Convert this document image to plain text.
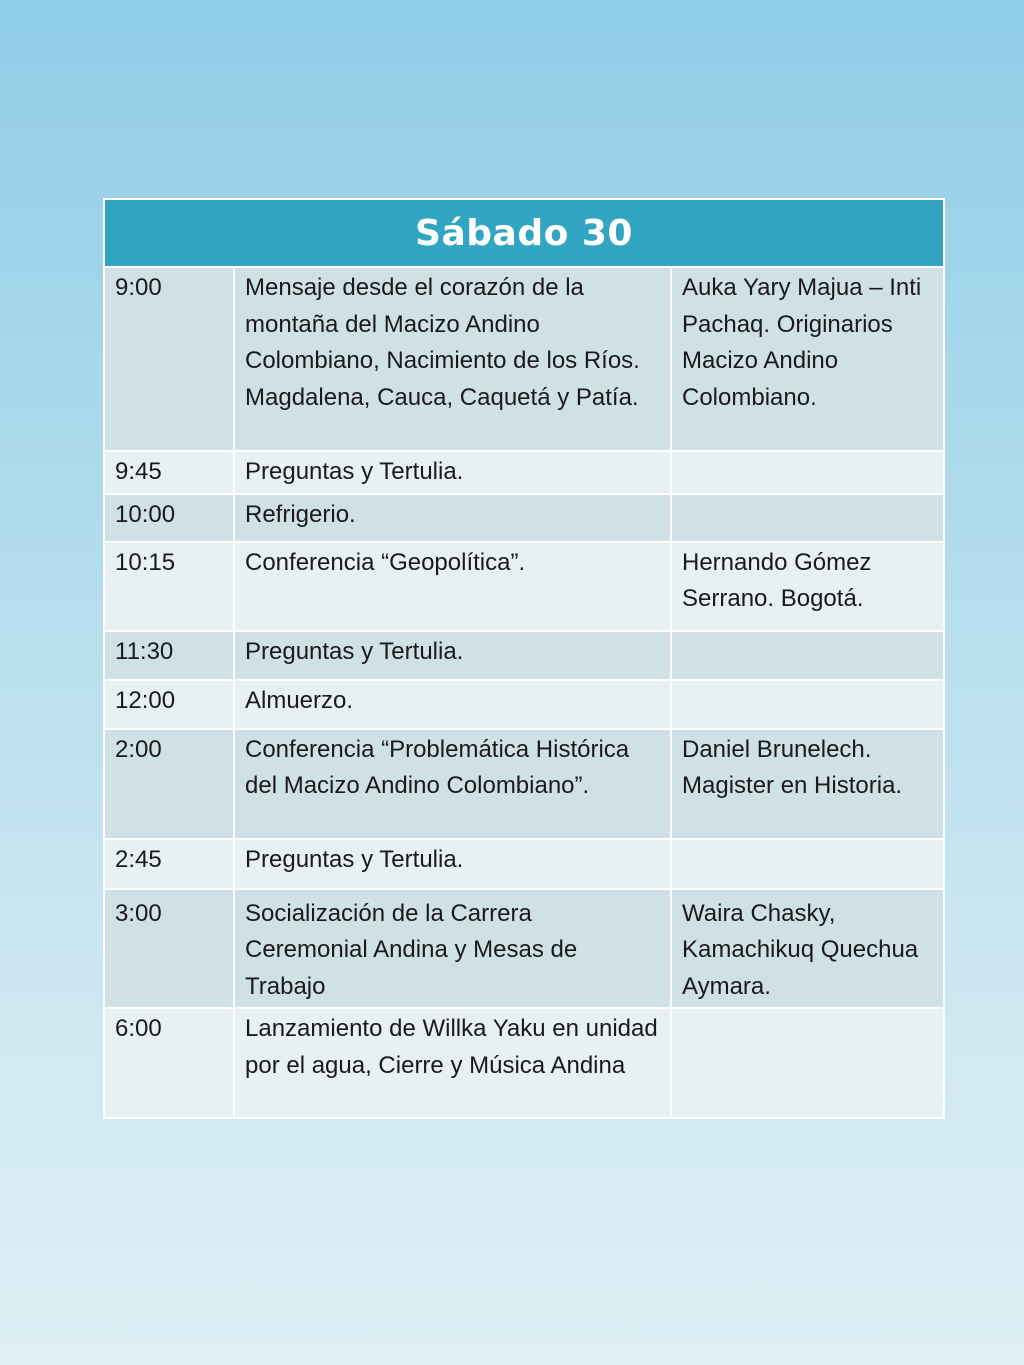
Sábado 30		
9:00	Mensaje desde el corazón de la montaña del Macizo Andino Colombiano, Nacimiento de los Ríos. Magdalena, Cauca, Caquetá y Patía.	Auka Yary Majua – Inti Pachaq. Originarios Macizo Andino Colombiano.
9:45	Preguntas y Tertulia.	
10:00	Refrigerio.	
10:15	Conferencia “Geopolítica”.	Hernando Gómez Serrano. Bogotá.
11:30	Preguntas y Tertulia.	
12:00	Almuerzo.	
2:00	Conferencia “Problemática Histórica del Macizo Andino Colombiano”.	Daniel Brunelech. Magister en Historia.
2:45	Preguntas y Tertulia.	
3:00	Socialización de la Carrera Ceremonial Andina y Mesas de Trabajo	Waira Chasky, Kamachikuq Quechua Aymara.
6:00	Lanzamiento de Willka Yaku en unidad por el agua, Cierre y Música Andina	
